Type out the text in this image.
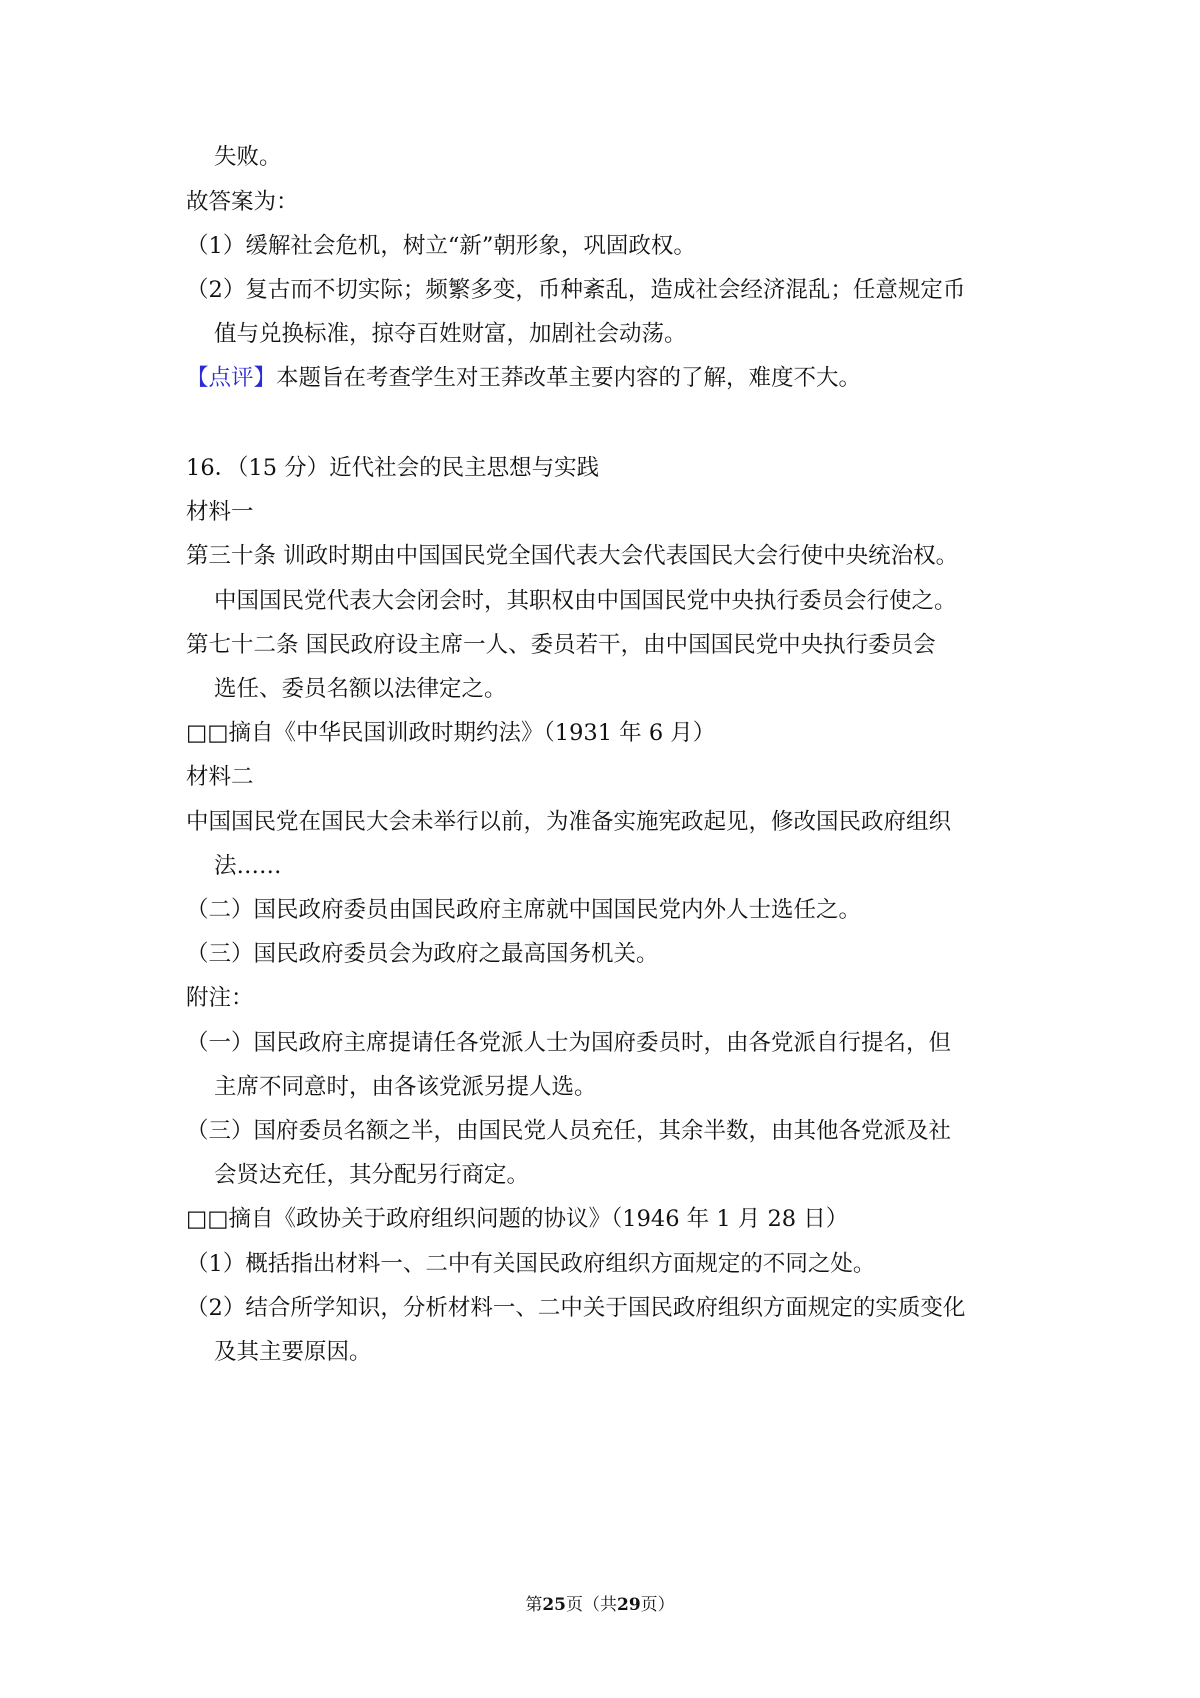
失败。
故答案为：
（1）缓解社会危机，树立“新”朝形象，巩固政权。
（2）复古而不切实际；频繁多变，币种紊乱，造成社会经济混乱；任意规定币
值与兑换标准，掠夺百姓财富，加剧社会动荡。
【点评】本题旨在考查学生对王莽改革主要内容的了解，难度不大。
16．（15 分）近代社会的民主思想与实践
材料一
第三十条 训政时期由中国国民党全国代表大会代表国民大会行使中央统治权。
中国国民党代表大会闭会时，其职权由中国国民党中央执行委员会行使之。
第七十二条 国民政府设主席一人、委员若干，由中国国民党中央执行委员会
选任、委员名额以法律定之。
□□摘自《中华民国训政时期约法》（1931 年 6 月）
材料二
中国国民党在国民大会未举行以前，为准备实施宪政起见，修改国民政府组织
法……
（二）国民政府委员由国民政府主席就中国国民党内外人士选任之。
（三）国民政府委员会为政府之最高国务机关。
附注：
（一）国民政府主席提请任各党派人士为国府委员时，由各党派自行提名，但
主席不同意时，由各该党派另提人选。
（三）国府委员名额之半，由国民党人员充任，其余半数，由其他各党派及社
会贤达充任，其分配另行商定。
□□摘自《政协关于政府组织问题的协议》（1946 年 1 月 28 日）
（1）概括指出材料一、二中有关国民政府组织方面规定的不同之处。
（2）结合所学知识，分析材料一、二中关于国民政府组织方面规定的实质变化
及其主要原因。
第25页（共29页）
